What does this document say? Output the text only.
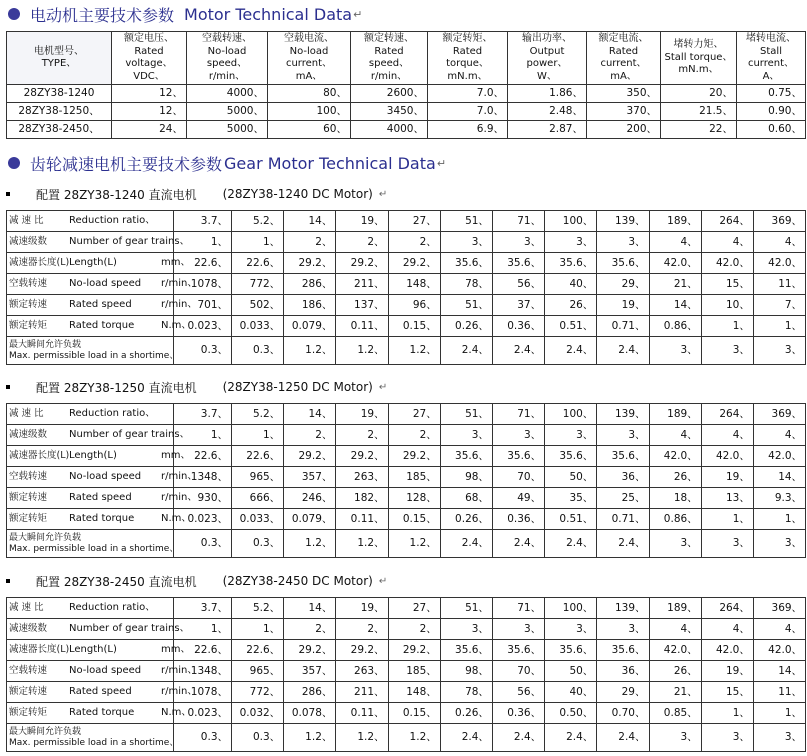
电动机主要技术参数 Motor Technical Data ↵
电机型号、
TYPE、	额定电压、
Rated voltage、
VDC、	空载转速、
No-load speed、
r/min、	空载电流、
No-load current、
mA、	额定转速、
Rated speed、
r/min、	额定转矩、
Rated torque、
mN.m、	输出功率、
Output power、
W、	额定电流、
Rated current、
mA、	堵转力矩、
Stall torque、
mN.m、	堵转电流、
Stall current、
A、
28ZY38-1240	12、	4000、	80、	2600、	7.0、	1.86、	350、	20、	0.75、
28ZY38-1250、	12、	5000、	100、	3450、	7.0、	2.48、	370、	21.5、	0.90、
28ZY38-2450、	24、	5000、	60、	4000、	6.9、	2.87、	200、	22、	0.60、
齿轮减速电机主要技术参数 Gear Motor Technical Data ↵
配置 28ZY38-1240 直流电机 (28ZY38-1240 DC Motor) ↵
减 速 比 Reduction ratio、	3.7、	5.2、	14、	19、	27、	51、	71、	100、	139、	189、	264、	369、
减速级数 Number of gear trains、	1、	1、	2、	2、	2、	3、	3、	3、	3、	4、	4、	4、
减速器长度(L)Length(L) mm、	22.6、	22.6、	29.2、	29.2、	29.2、	35.6、	35.6、	35.6、	35.6、	42.0、	42.0、	42.0、
空载转速 No-load speed r/min、	1078、	772、	286、	211、	148、	78、	56、	40、	29、	21、	15、	11、
额定转速 Rated speed r/min、	701、	502、	186、	137、	96、	51、	37、	26、	19、	14、	10、	7、
额定转矩 Rated torque N.m、	0.023、	0.033、	0.079、	0.11、	0.15、	0.26、	0.36、	0.51、	0.71、	0.86、	1、	1、

最大瞬间允许负载
Max. permissible load in a shortime、	0.3、	0.3、	1.2、	1.2、	1.2、	2.4、	2.4、	2.4、	2.4、	3、	3、	3、
配置 28ZY38-1250 直流电机 (28ZY38-1250 DC Motor) ↵
减 速 比 Reduction ratio、	3.7、	5.2、	14、	19、	27、	51、	71、	100、	139、	189、	264、	369、
减速级数 Number of gear trains、	1、	1、	2、	2、	2、	3、	3、	3、	3、	4、	4、	4、
减速器长度(L)Length(L) mm、	22.6、	22.6、	29.2、	29.2、	29.2、	35.6、	35.6、	35.6、	35.6、	42.0、	42.0、	42.0、
空载转速 No-load speed r/min、	1348、	965、	357、	263、	185、	98、	70、	50、	36、	26、	19、	14、
额定转速 Rated speed r/min、	930、	666、	246、	182、	128、	68、	49、	35、	25、	18、	13、	9.3、
额定转矩 Rated torque N.m、	0.023、	0.033、	0.079、	0.11、	0.15、	0.26、	0.36、	0.51、	0.71、	0.86、	1、	1、

最大瞬间允许负载
Max. permissible load in a shortime、	0.3、	0.3、	1.2、	1.2、	1.2、	2.4、	2.4、	2.4、	2.4、	3、	3、	3、
配置 28ZY38-2450 直流电机 (28ZY38-2450 DC Motor) ↵
减 速 比 Reduction ratio、	3.7、	5.2、	14、	19、	27、	51、	71、	100、	139、	189、	264、	369、
减速级数 Number of gear trains、	1、	1、	2、	2、	2、	3、	3、	3、	3、	4、	4、	4、
减速器长度(L)Length(L) mm、	22.6、	22.6、	29.2、	29.2、	29.2、	35.6、	35.6、	35.6、	35.6、	42.0、	42.0、	42.0、
空载转速 No-load speed r/min、	1348、	965、	357、	263、	185、	98、	70、	50、	36、	26、	19、	14、
额定转速 Rated speed r/min、	1078、	772、	286、	211、	148、	78、	56、	40、	29、	21、	15、	11、
额定转矩 Rated torque N.m、	0.023、	0.032、	0.078、	0.11、	0.15、	0.26、	0.36、	0.50、	0.70、	0.85、	1、	1、

最大瞬间允许负载
Max. permissible load in a shortime、	0.3、	0.3、	1.2、	1.2、	1.2、	2.4、	2.4、	2.4、	2.4、	3、	3、	3、
